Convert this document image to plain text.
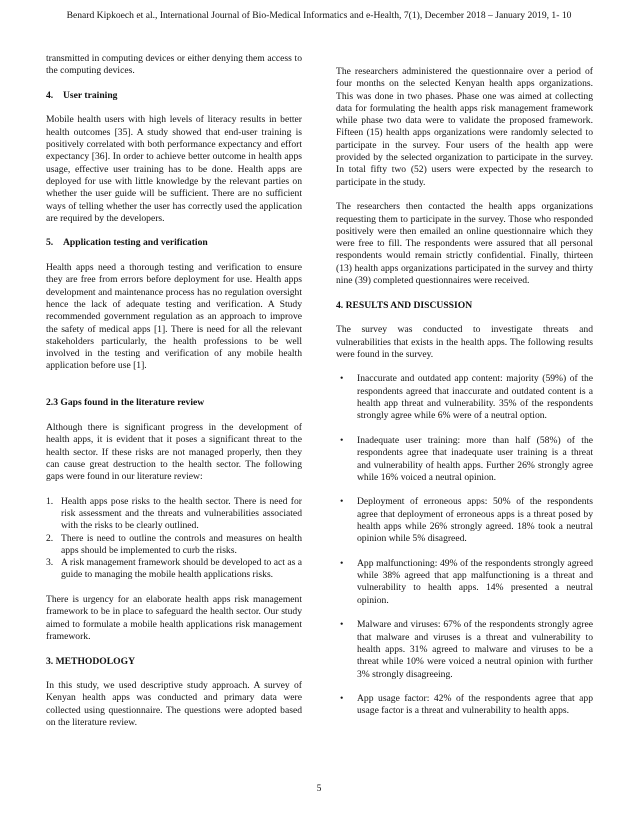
Benard Kipkoech et al., International Journal of Bio-Medical Informatics and e-Health, 7(1), December 2018 – January 2019, 1- 10

transmitted in computing devices or either denying them access to the computing devices.

4. User training

Mobile health users with high levels of literacy results in better health outcomes [35]. A study showed that end-user training is positively correlated with both performance expectancy and effort expectancy [36]. In order to achieve better outcome in health apps usage, effective user training has to be done. Health apps are deployed for use with little knowledge by the relevant parties on whether the user guide will be sufficient. There are no sufficient ways of telling whether the user has correctly used the application are required by the developers.

5. Application testing and verification

Health apps need a thorough testing and verification to ensure they are free from errors before deployment for use. Health apps development and maintenance process has no regulation oversight hence the lack of adequate testing and verification. A Study recommended government regulation as an approach to improve the safety of medical apps [1]. There is need for all the relevant stakeholders particularly, the health professions to be well involved in the testing and verification of any mobile health application before use [1].

2.3 Gaps found in the literature review

Although there is significant progress in the development of health apps, it is evident that it poses a significant threat to the health sector. If these risks are not managed properly, then they can cause great destruction to the health sector. The following gaps were found in our literature review:

1. Health apps pose risks to the health sector. There is need for risk assessment and the threats and vulnerabilities associated with the risks to be clearly outlined.
2. There is need to outline the controls and measures on health apps should be implemented to curb the risks.
3. A risk management framework should be developed to act as a guide to managing the mobile health applications risks.

There is urgency for an elaborate health apps risk management framework to be in place to safeguard the health sector. Our study aimed to formulate a mobile health applications risk management framework.

3. METHODOLOGY

In this study, we used descriptive study approach. A survey of Kenyan health apps was conducted and primary data were collected using questionnaire. The questions were adopted based on the literature review.

The researchers administered the questionnaire over a period of four months on the selected Kenyan health apps organizations. This was done in two phases. Phase one was aimed at collecting data for formulating the health apps risk management framework while phase two data were to validate the proposed framework. Fifteen (15) health apps organizations were randomly selected to participate in the survey. Four users of the health app were provided by the selected organization to participate in the survey. In total fifty two (52) users were expected by the research to participate in the study.

The researchers then contacted the health apps organizations requesting them to participate in the survey. Those who responded positively were then emailed an online questionnaire which they were free to fill. The respondents were assured that all personal respondents would remain strictly confidential. Finally, thirteen (13) health apps organizations participated in the survey and thirty nine (39) completed questionnaires were received.

4. RESULTS AND DISCUSSION

The survey was conducted to investigate threats and vulnerabilities that exists in the health apps. The following results were found in the survey.

• Inaccurate and outdated app content: majority (59%) of the respondents agreed that inaccurate and outdated content is a health app threat and vulnerability. 35% of the respondents strongly agree while 6% were of a neutral option.
• Inadequate user training: more than half (58%) of the respondents agree that inadequate user training is a threat and vulnerability of health apps. Further 26% strongly agree while 16% voiced a neutral opinion.
• Deployment of erroneous apps: 50% of the respondents agree that deployment of erroneous apps is a threat posed by health apps while 26% strongly agreed. 18% took a neutral opinion while 5% disagreed.
• App malfunctioning: 49% of the respondents strongly agreed while 38% agreed that app malfunctioning is a threat and vulnerability to health apps. 14% presented a neutral opinion.
• Malware and viruses: 67% of the respondents strongly agree that malware and viruses is a threat and vulnerability to health apps. 31% agreed to malware and viruses to be a threat while 10% were voiced a neutral opinion with further 3% strongly disagreeing.
• App usage factor: 42% of the respondents agree that app usage factor is a threat and vulnerability to health apps.
5
